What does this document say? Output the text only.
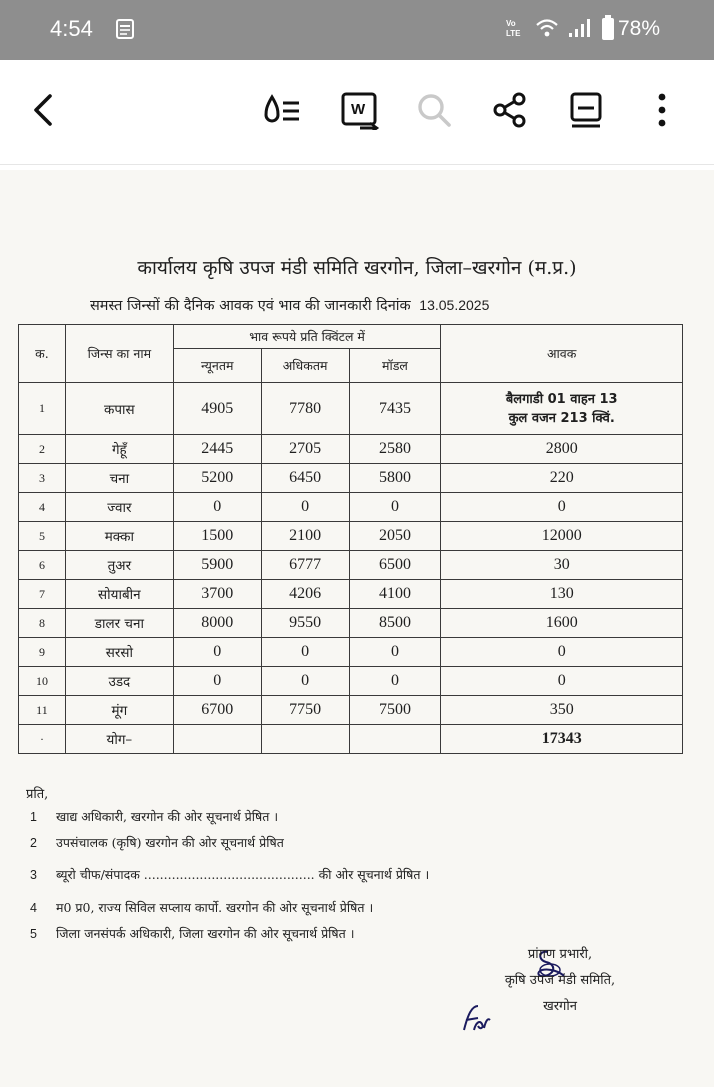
4:54	Vo
LTE	78%
W
कार्यालय कृषि उपज मंडी समिति खरगोन, जिला–खरगोन (म.प्र.)
समस्त जिन्सों की दैनिक आवक एवं भाव की जानकारी दिनांक 13.05.2025
क.	जिन्स का नाम	भाव रूपये प्रति क्विंटल में			आवक
		न्यूनतम	अधिकतम	मॉडल	
1	कपास	4905	7780	7435	बैलगाडी 01 वाहन 13
कुल वजन 213 क्विं.

2	गेहूँ	2445	2705	2580	2800
3	चना	5200	6450	5800	220
4	ज्वार	0	0	0	0
5	मक्का	1500	2100	2050	12000
6	तुअर	5900	6777	6500	30
7	सोयाबीन	3700	4206	4100	130
8	डालर चना	8000	9550	8500	1600
9	सरसो	0	0	0	0
10	उडद	0	0	0	0
11	मूंग	6700	7750	7500	350
·	योग–				17343
प्रति,
1 खाद्य अधिकारी, खरगोन की ओर सूचनार्थ प्रेषित ।
2 उपसंचालक (कृषि) खरगोन की ओर सूचनार्थ प्रेषित
3 ब्यूरो चीफ/संपादक ........................................... की ओर सूचनार्थ प्रेषित ।
4 म0 प्र0, राज्य सिविल सप्लाय कार्पो. खरगोन की ओर सूचनार्थ प्रेषित ।
5 जिला जनसंपर्क अधिकारी, जिला खरगोन की ओर सूचनार्थ प्रेषित ।
प्रांगण प्रभारी,
कृषि उपज मंडी समिति,
खरगोन
